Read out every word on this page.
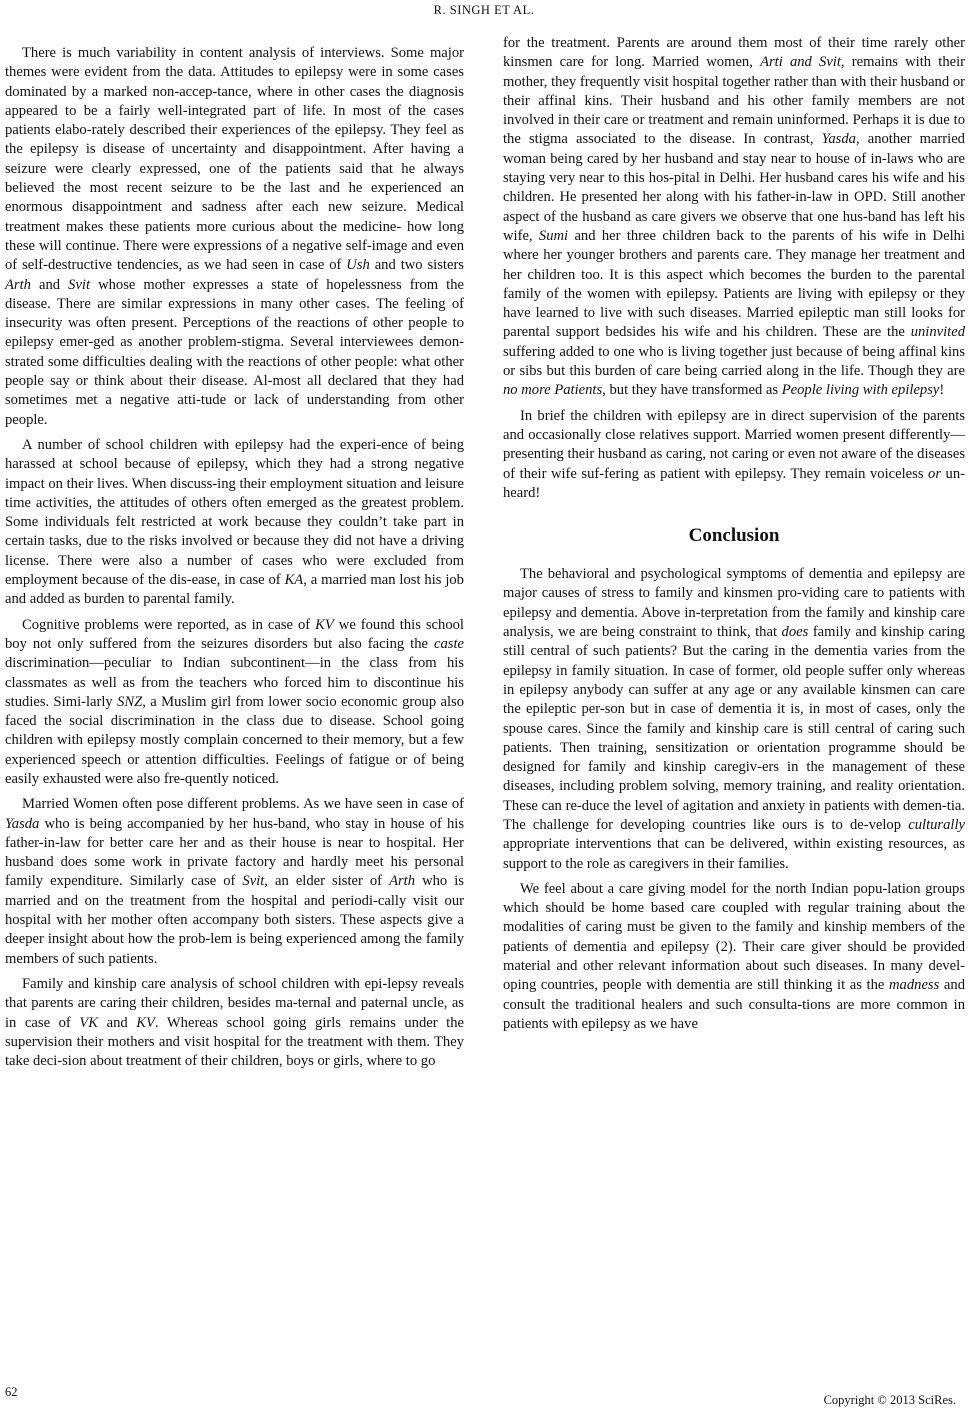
R. SINGH ET AL.

There is much variability in content analysis of interviews. Some major themes were evident from the data. Attitudes to epilepsy were in some cases dominated by a marked non-accep-tance, where in other cases the diagnosis appeared to be a fairly well-integrated part of life. In most of the cases patients elabo-rately described their experiences of the epilepsy. They feel as the epilepsy is disease of uncertainty and disappointment. After having a seizure were clearly expressed, one of the patients said that he always believed the most recent seizure to be the last and he experienced an enormous disappointment and sadness after each new seizure. Medical treatment makes these patients more curious about the medicine- how long these will continue. There were expressions of a negative self-image and even of self-destructive tendencies, as we had seen in case of Ush and two sisters Arth and Svit whose mother expresses a state of hopelessness from the disease. There are similar expressions in many other cases. The feeling of insecurity was often present. Perceptions of the reactions of other people to epilepsy emer-ged as another problem-stigma. Several interviewees demon-strated some difficulties dealing with the reactions of other people: what other people say or think about their disease. Al-most all declared that they had sometimes met a negative atti-tude or lack of understanding from other people.

A number of school children with epilepsy had the experi-ence of being harassed at school because of epilepsy, which they had a strong negative impact on their lives. When discuss-ing their employment situation and leisure time activities, the attitudes of others often emerged as the greatest problem. Some individuals felt restricted at work because they couldn’t take part in certain tasks, due to the risks involved or because they did not have a driving license. There were also a number of cases who were excluded from employment because of the dis-ease, in case of KA, a married man lost his job and added as burden to parental family.

Cognitive problems were reported, as in case of KV we found this school boy not only suffered from the seizures disorders but also facing the caste discrimination—peculiar to Indian subcontinent—in the class from his classmates as well as from the teachers who forced him to discontinue his studies. Simi-larly SNZ, a Muslim girl from lower socio economic group also faced the social discrimination in the class due to disease. School going children with epilepsy mostly complain concerned to their memory, but a few experienced speech or attention difficulties. Feelings of fatigue or of being easily exhausted were also fre-quently noticed.

Married Women often pose different problems. As we have seen in case of Yasda who is being accompanied by her hus-band, who stay in house of his father-in-law for better care her and as their house is near to hospital. Her husband does some work in private factory and hardly meet his personal family expenditure. Similarly case of Svit, an elder sister of Arth who is married and on the treatment from the hospital and periodi-cally visit our hospital with her mother often accompany both sisters. These aspects give a deeper insight about how the prob-lem is being experienced among the family members of such patients.

Family and kinship care analysis of school children with epi-lepsy reveals that parents are caring their children, besides ma-ternal and paternal uncle, as in case of VK and KV. Whereas school going girls remains under the supervision their mothers and visit hospital for the treatment with them. They take deci-sion about treatment of their children, boys or girls, where to go

for the treatment. Parents are around them most of their time rarely other kinsmen care for long. Married women, Arti and Svit, remains with their mother, they frequently visit hospital together rather than with their husband or their affinal kins. Their husband and his other family members are not involved in their care or treatment and remain uninformed. Perhaps it is due to the stigma associated to the disease. In contrast, Yasda, another married woman being cared by her husband and stay near to house of in-laws who are staying very near to this hos-pital in Delhi. Her husband cares his wife and his children. He presented her along with his father-in-law in OPD. Still another aspect of the husband as care givers we observe that one hus-band has left his wife, Sumi and her three children back to the parents of his wife in Delhi where her younger brothers and parents care. They manage her treatment and her children too. It is this aspect which becomes the burden to the parental family of the women with epilepsy. Patients are living with epilepsy or they have learned to live with such diseases. Married epileptic man still looks for parental support bedsides his wife and his children. These are the uninvited suffering added to one who is living together just because of being affinal kins or sibs but this burden of care being carried along in the life. Though they are no more Patients, but they have transformed as People living with epilepsy!

In brief the children with epilepsy are in direct supervision of the parents and occasionally close relatives support. Married women present differently—presenting their husband as caring, not caring or even not aware of the diseases of their wife suf-fering as patient with epilepsy. They remain voiceless or un-heard!

Conclusion

The behavioral and psychological symptoms of dementia and epilepsy are major causes of stress to family and kinsmen pro-viding care to patients with epilepsy and dementia. Above in-terpretation from the family and kinship care analysis, we are being constraint to think, that does family and kinship caring still central of such patients? But the caring in the dementia varies from the epilepsy in family situation. In case of former, old people suffer only whereas in epilepsy anybody can suffer at any age or any available kinsmen can care the epileptic per-son but in case of dementia it is, in most of cases, only the spouse cares. Since the family and kinship care is still central of caring such patients. Then training, sensitization or orientation programme should be designed for family and kinship caregiv-ers in the management of these diseases, including problem solving, memory training, and reality orientation. These can re-duce the level of agitation and anxiety in patients with demen-tia. The challenge for developing countries like ours is to de-velop culturally appropriate interventions that can be delivered, within existing resources, as support to the role as caregivers in their families.

We feel about a care giving model for the north Indian popu-lation groups which should be home based care coupled with regular training about the modalities of caring must be given to the family and kinship members of the patients of dementia and epilepsy (2). Their care giver should be provided material and other relevant information about such diseases. In many devel-oping countries, people with dementia are still thinking it as the madness and consult the traditional healers and such consulta-tions are more common in patients with epilepsy as we have

62
Copyright © 2013 SciRes.
